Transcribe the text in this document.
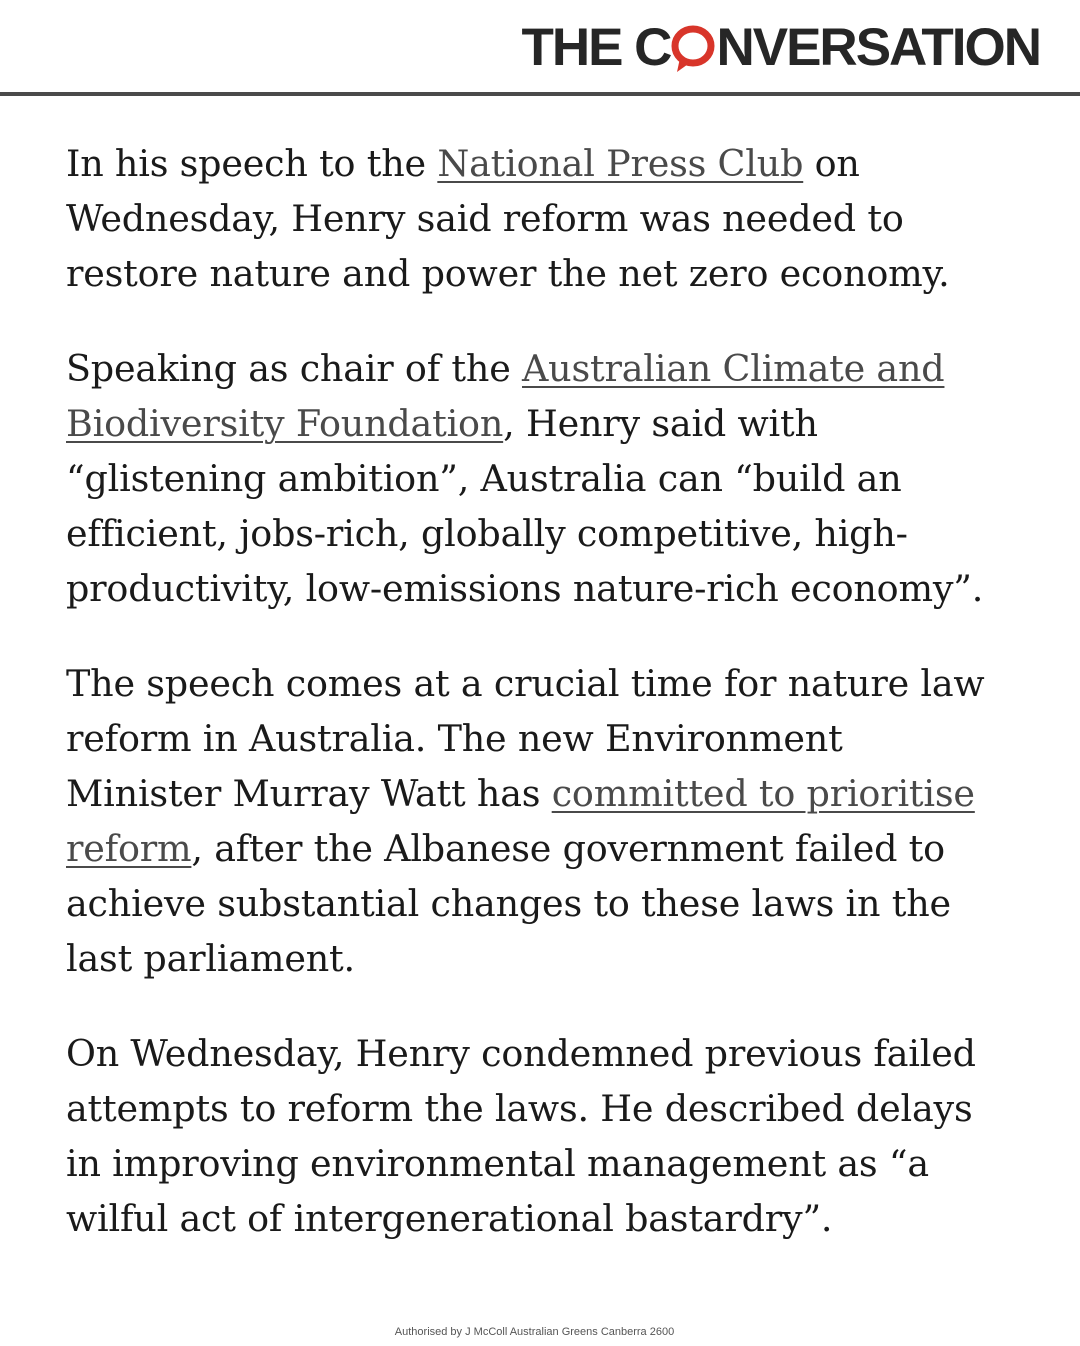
THE C NVERSATION

In his speech to the National Press Club on Wednesday, Henry said reform was needed to restore nature and power the net zero economy.

Speaking as chair of the Australian Climate and Biodiversity Foundation, Henry said with “glistening ambition”, Australia can “build an efficient, jobs-rich, globally competitive, high-productivity, low-emissions nature-rich economy”.

The speech comes at a crucial time for nature law reform in Australia. The new Environment Minister Murray Watt has committed to prioritise reform, after the Albanese government failed to achieve substantial changes to these laws in the last parliament.

On Wednesday, Henry condemned previous failed attempts to reform the laws. He described delays in improving environmental management as “a wilful act of intergenerational bastardry”.

Authorised by J McColl Australian Greens Canberra 2600
